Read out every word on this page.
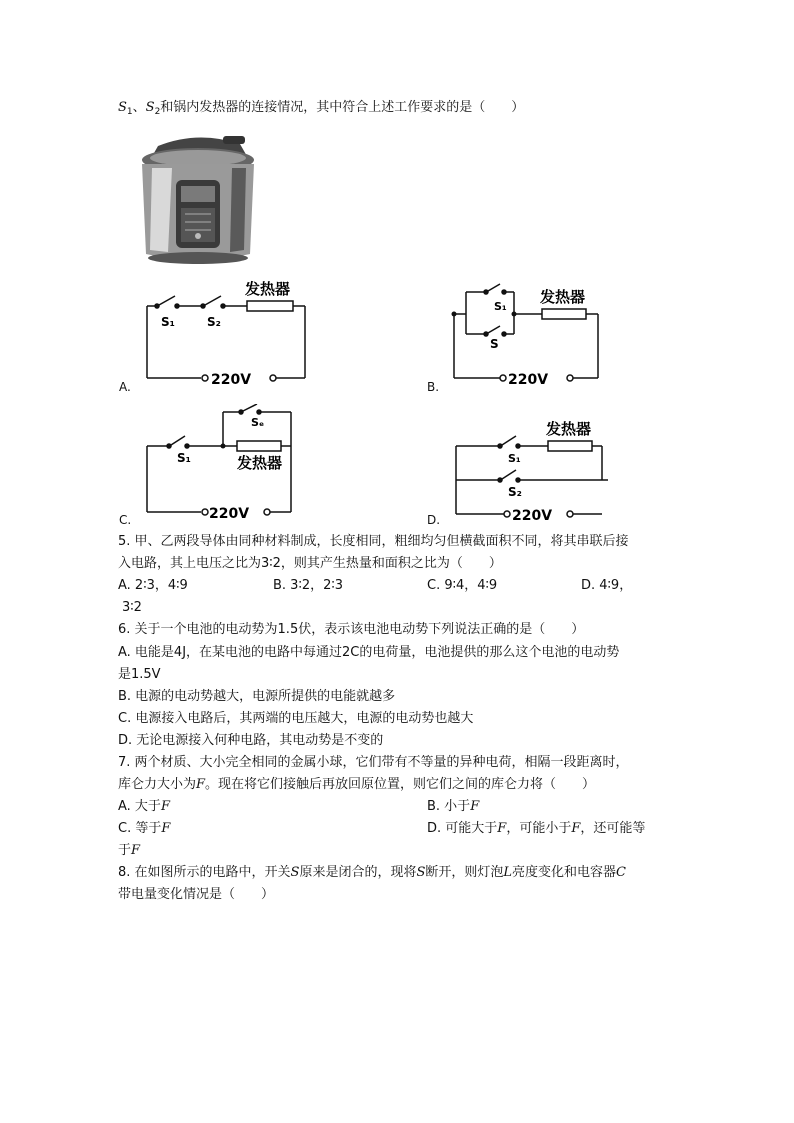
$S_1$、$S_2$和锅内发热器的连接情况，其中符合上述工作要求的是（　　）
发热器
S₁	S₂
220V
A.
发热器
S₁
S
220V
B.
Sₑ
S₁	发热器
220V
C.
发热器
S₁
S₂
220V
D.
5. 甲、乙两段导体由同种材料制成，长度相同，粗细均匀但横截面积不同，将其串联后接
入电路，其上电压之比为3∶2，则其产生热量和面积之比为（　　）
A. 2∶3，4∶9	B. 3∶2，2∶3	C. 9∶4，4∶9	D. 4∶9，
3∶2
6. 关于一个电池的电动势为1.5伏，表示该电池电动势下列说法正确的是（　　）
A. 电能是4J，在某电池的电路中每通过2C的电荷量，电池提供的那么这个电池的电动势
是1.5V
B. 电源的电动势越大，电源所提供的电能就越多
C. 电源接入电路后，其两端的电压越大，电源的电动势也越大
D. 无论电源接入何种电路，其电动势是不变的
7. 两个材质、大小完全相同的金属小球，它们带有不等量的异种电荷，相隔一段距离时，
库仑力大小为F。现在将它们接触后再放回原位置，则它们之间的库仑力将（　　）
A. 大于F	B. 小于F
C. 等于F	D. 可能大于F，可能小于F，还可能等
于F
8. 在如图所示的电路中，开关S原来是闭合的，现将S断开，则灯泡L亮度变化和电容器C
带电量变化情况是（　　）
